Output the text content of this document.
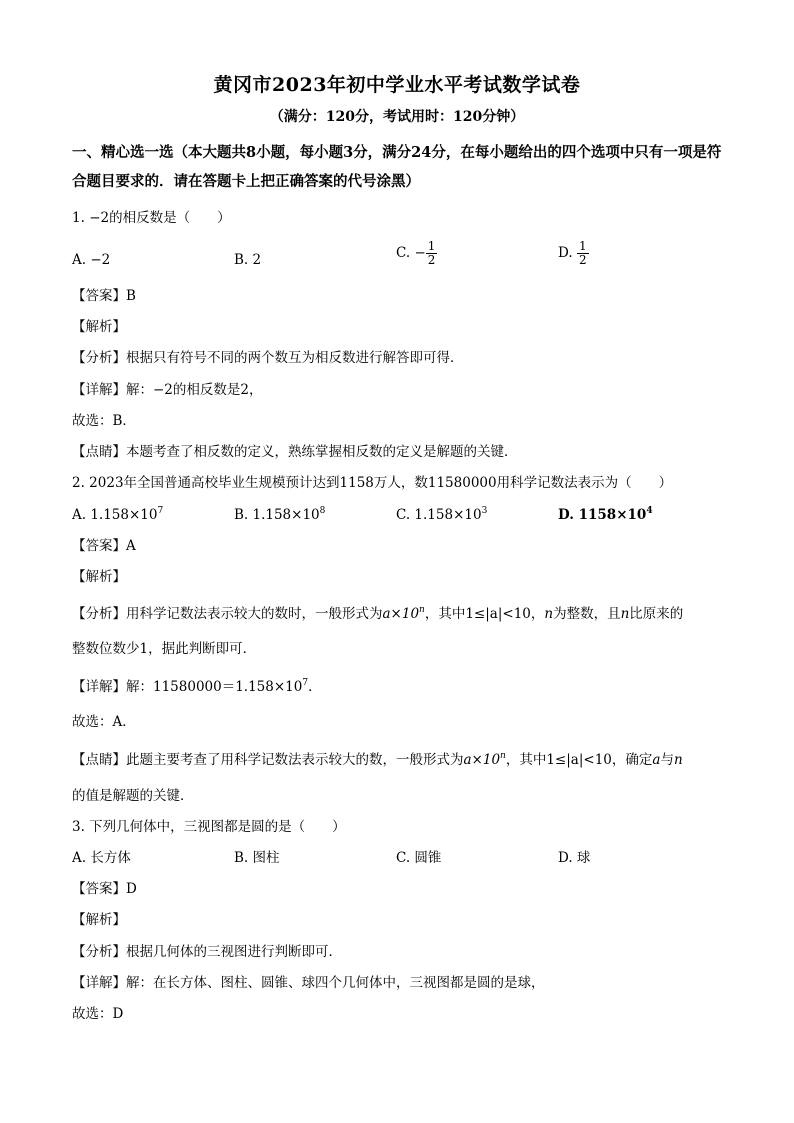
黄冈市2023年初中学业水平考试数学试卷
（满分：120分，考试用时：120分钟）
一、精心选一选（本大题共8小题，每小题3分，满分24分，在每小题给出的四个选项中只有一项是符合题目要求的．请在答题卡上把正确答案的代号涂黑）
1. −2的相反数是（　　）
A. −2	B. 2	C. − $\frac{1}{2}$	D. $\frac{1}{2}$
【答案】B
【解析】
【分析】根据只有符号不同的两个数互为相反数进行解答即可得．
【详解】解：−2的相反数是2，
故选：B．
【点睛】本题考查了相反数的定义，熟练掌握相反数的定义是解题的关键．
2. 2023年全国普通高校毕业生规模预计达到1158万人，数11580000用科学记数法表示为（　　）
A. $1.158\times 10^7$	B. $1.158\times 10^8$	C. $1.158\times 10^3$	D. $1158\times 10^4$
【答案】A
【解析】
【分析】用科学记数法表示较大的数时，一般形式为$a\times 10^n$，其中1≤|a|<10，n为整数，且n比原来的
整数位数少1，据此判断即可．
【详解】解：$11580000=1.158\times 10^7$．
故选：A．
【点睛】此题主要考查了用科学记数法表示较大的数，一般形式为$a\times 10^n$，其中1≤|a|<10，确定a与n
的值是解题的关键．
3. 下列几何体中，三视图都是圆的是（　　）
A. 长方体	B. 图柱	C. 圆锥	D. 球
【答案】D
【解析】
【分析】根据几何体的三视图进行判断即可．
【详解】解：在长方体、图柱、圆锥、球四个几何体中，三视图都是圆的是球，
故选：D
